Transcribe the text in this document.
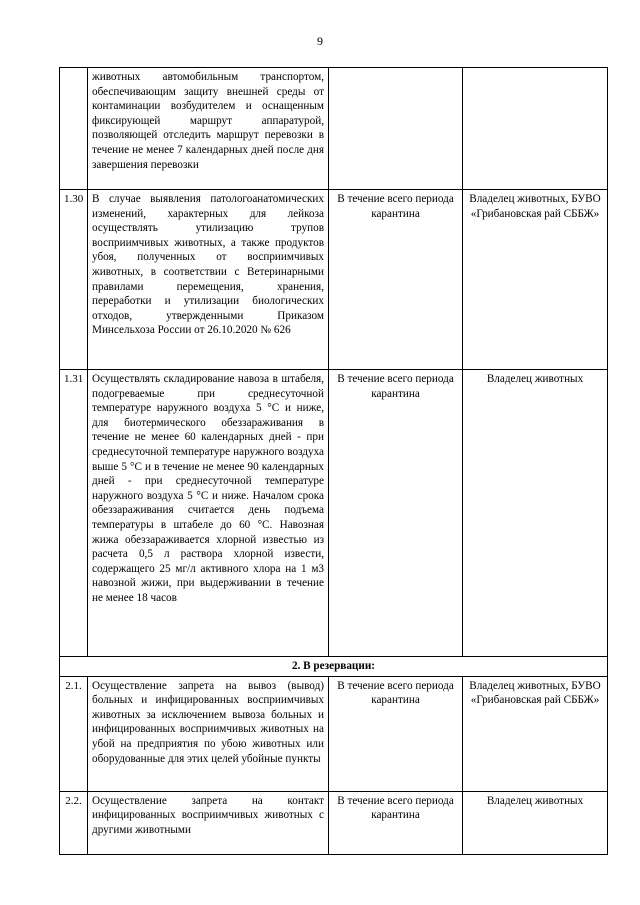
9
	животных автомобильным транспортом, обеспечивающим защиту внешней среды от контаминации возбудителем и оснащенным фиксирующей маршрут аппаратурой, позволяющей отследить маршрут перевозки в течение не менее 7 календарных дней после дня завершения перевозки		
1.30	В случае выявления патологоанатомических изменений, характерных для лейкоза осуществлять утилизацию трупов восприимчивых животных, а также продуктов убоя, полученных от восприимчивых животных, в соответствии с Ветеринарными правилами перемещения, хранения, переработки и утилизации биологических отходов, утвержденными Приказом Минсельхоза России от 26.10.2020 № 626	В течение всего периода карантина	Владелец животных, БУВО «Грибановская рай СББЖ»
1.31	Осуществлять складирование навоза в штабеля, подогреваемые при среднесуточной температуре наружного воздуха 5 °С и ниже, для биотермического обеззараживания в течение не менее 60 календарных дней - при среднесуточной температуре наружного воздуха выше 5 °С и в течение не менее 90 календарных дней - при среднесуточной температуре наружного воздуха 5 °С и ниже. Началом срока обеззараживания считается день подъема температуры в штабеле до 60 °С. Навозная жижа обеззараживается хлорной известью из расчета 0,5 л раствора хлорной извести, содержащего 25 мг/л активного хлора на 1 м3 навозной жижи, при выдерживании в течение не менее 18 часов	В течение всего периода карантина	Владелец животных
2. В резервации:			
2.1.	Осуществление запрета на вывоз (вывод) больных и инфицированных восприимчивых животных за исключением вывоза больных и инфицированных восприимчивых животных на убой на предприятия по убою животных или оборудованные для этих целей убойные пункты	В течение всего периода карантина	Владелец животных, БУВО «Грибановская рай СББЖ»
2.2.	Осуществление запрета на контакт инфицированных восприимчивых животных с другими животными	В течение всего периода карантина	Владелец животных
